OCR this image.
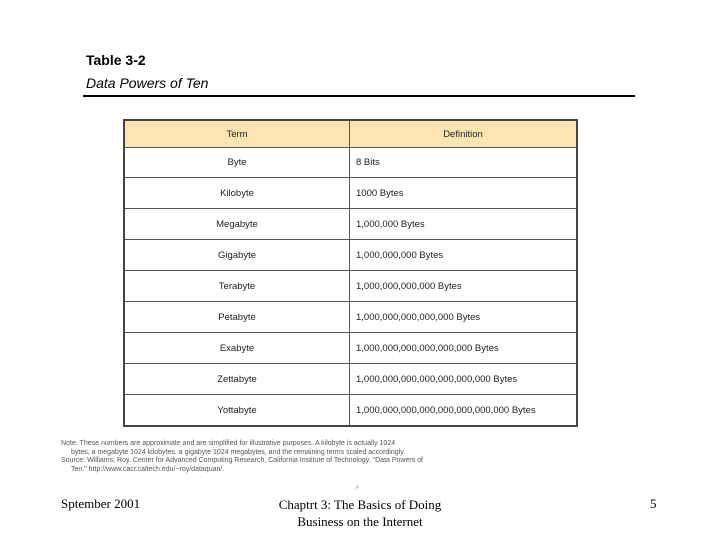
Table 3-2
Data Powers of Ten
Term	Definition
Byte	8 Bits
Kilobyte	1000 Bytes
Megabyte	1,000,000 Bytes
Gigabyte	1,000,000,000 Bytes
Terabyte	1,000,000,000,000 Bytes
Petabyte	1,000,000,000,000,000 Bytes
Exabyte	1,000,000,000,000,000,000 Bytes
Zettabyte	1,000,000,000,000,000,000,000 Bytes
Yottabyte	1,000,000,000,000,000,000,000,000 Bytes
Note: These numbers are approximate and are simplified for illustrative purposes. A kilobyte is actually 1024
bytes, a megabyte 1024 kilobytes, a gigabyte 1024 megabytes, and the remaining terms scaled accordingly.
Source: Williams, Roy. Center for Advanced Computing Research, California Institute of Technology. "Data Powers of
Ten." http://www.cacr.caltech.edu/~roy/dataquan/.
›
Sptember 2001	Chaptrt 3: The Basics of Doing
Business on the Internet
5
